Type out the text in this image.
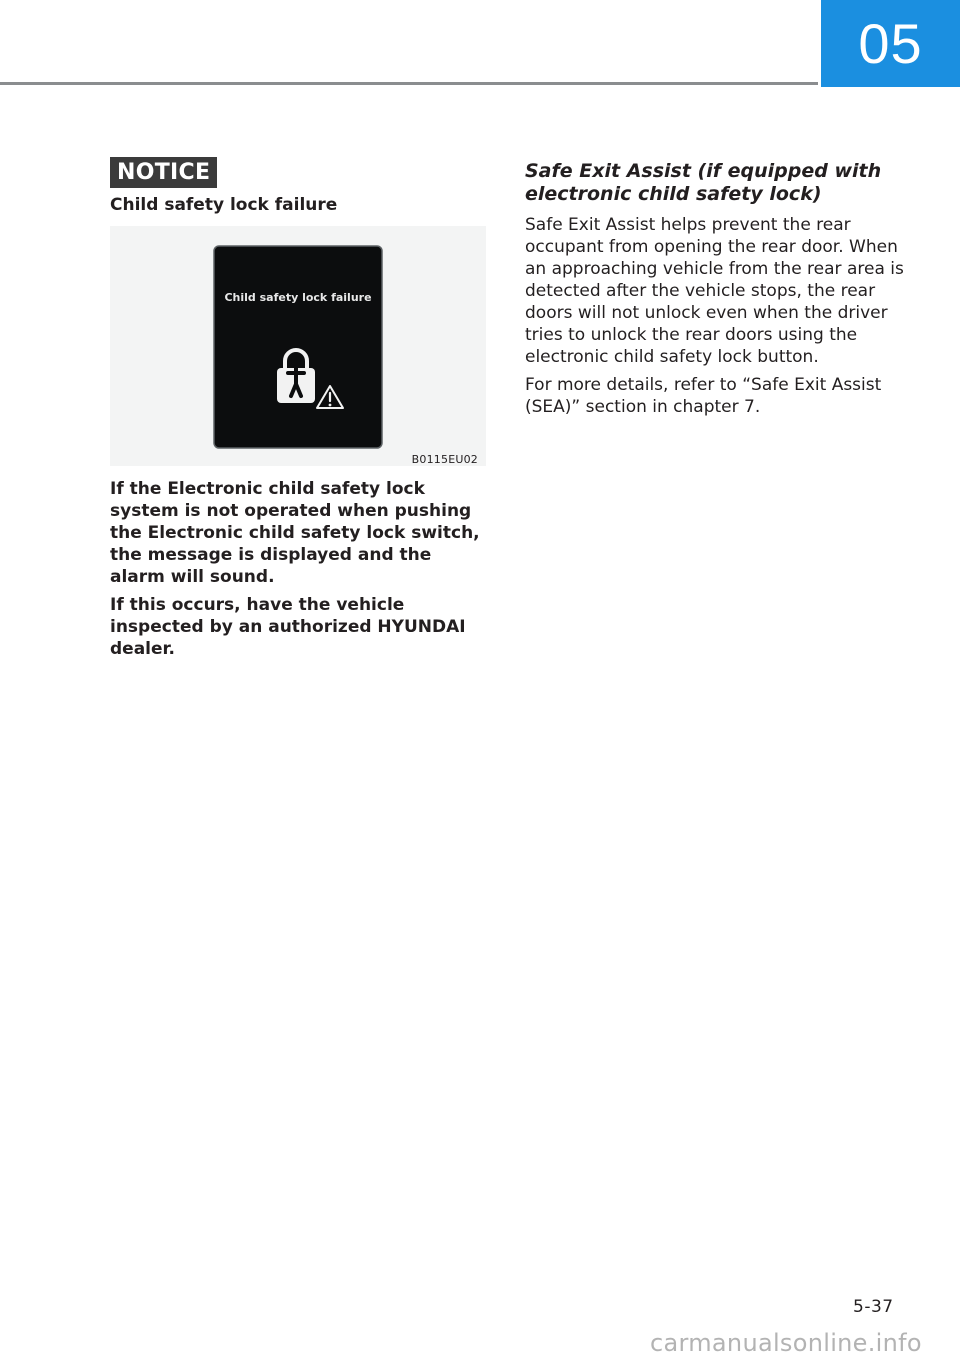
05
NOTICE
Child safety lock failure
Child safety lock failure
B0115EU02

If the Electronic child safety lock system is not operated when pushing the Electronic child safety lock switch, the message is displayed and the alarm will sound.

If this occurs, have the vehicle inspected by an authorized HYUNDAI dealer.

Safe Exit Assist (if equipped with electronic child safety lock)

Safe Exit Assist helps prevent the rear occupant from opening the rear door. When an approaching vehicle from the rear area is detected after the vehicle stops, the rear doors will not unlock even when the driver tries to unlock the rear doors using the electronic child safety lock button.

For more details, refer to “Safe Exit Assist (SEA)” section in chapter 7.

5-37
carmanualsonline.info
